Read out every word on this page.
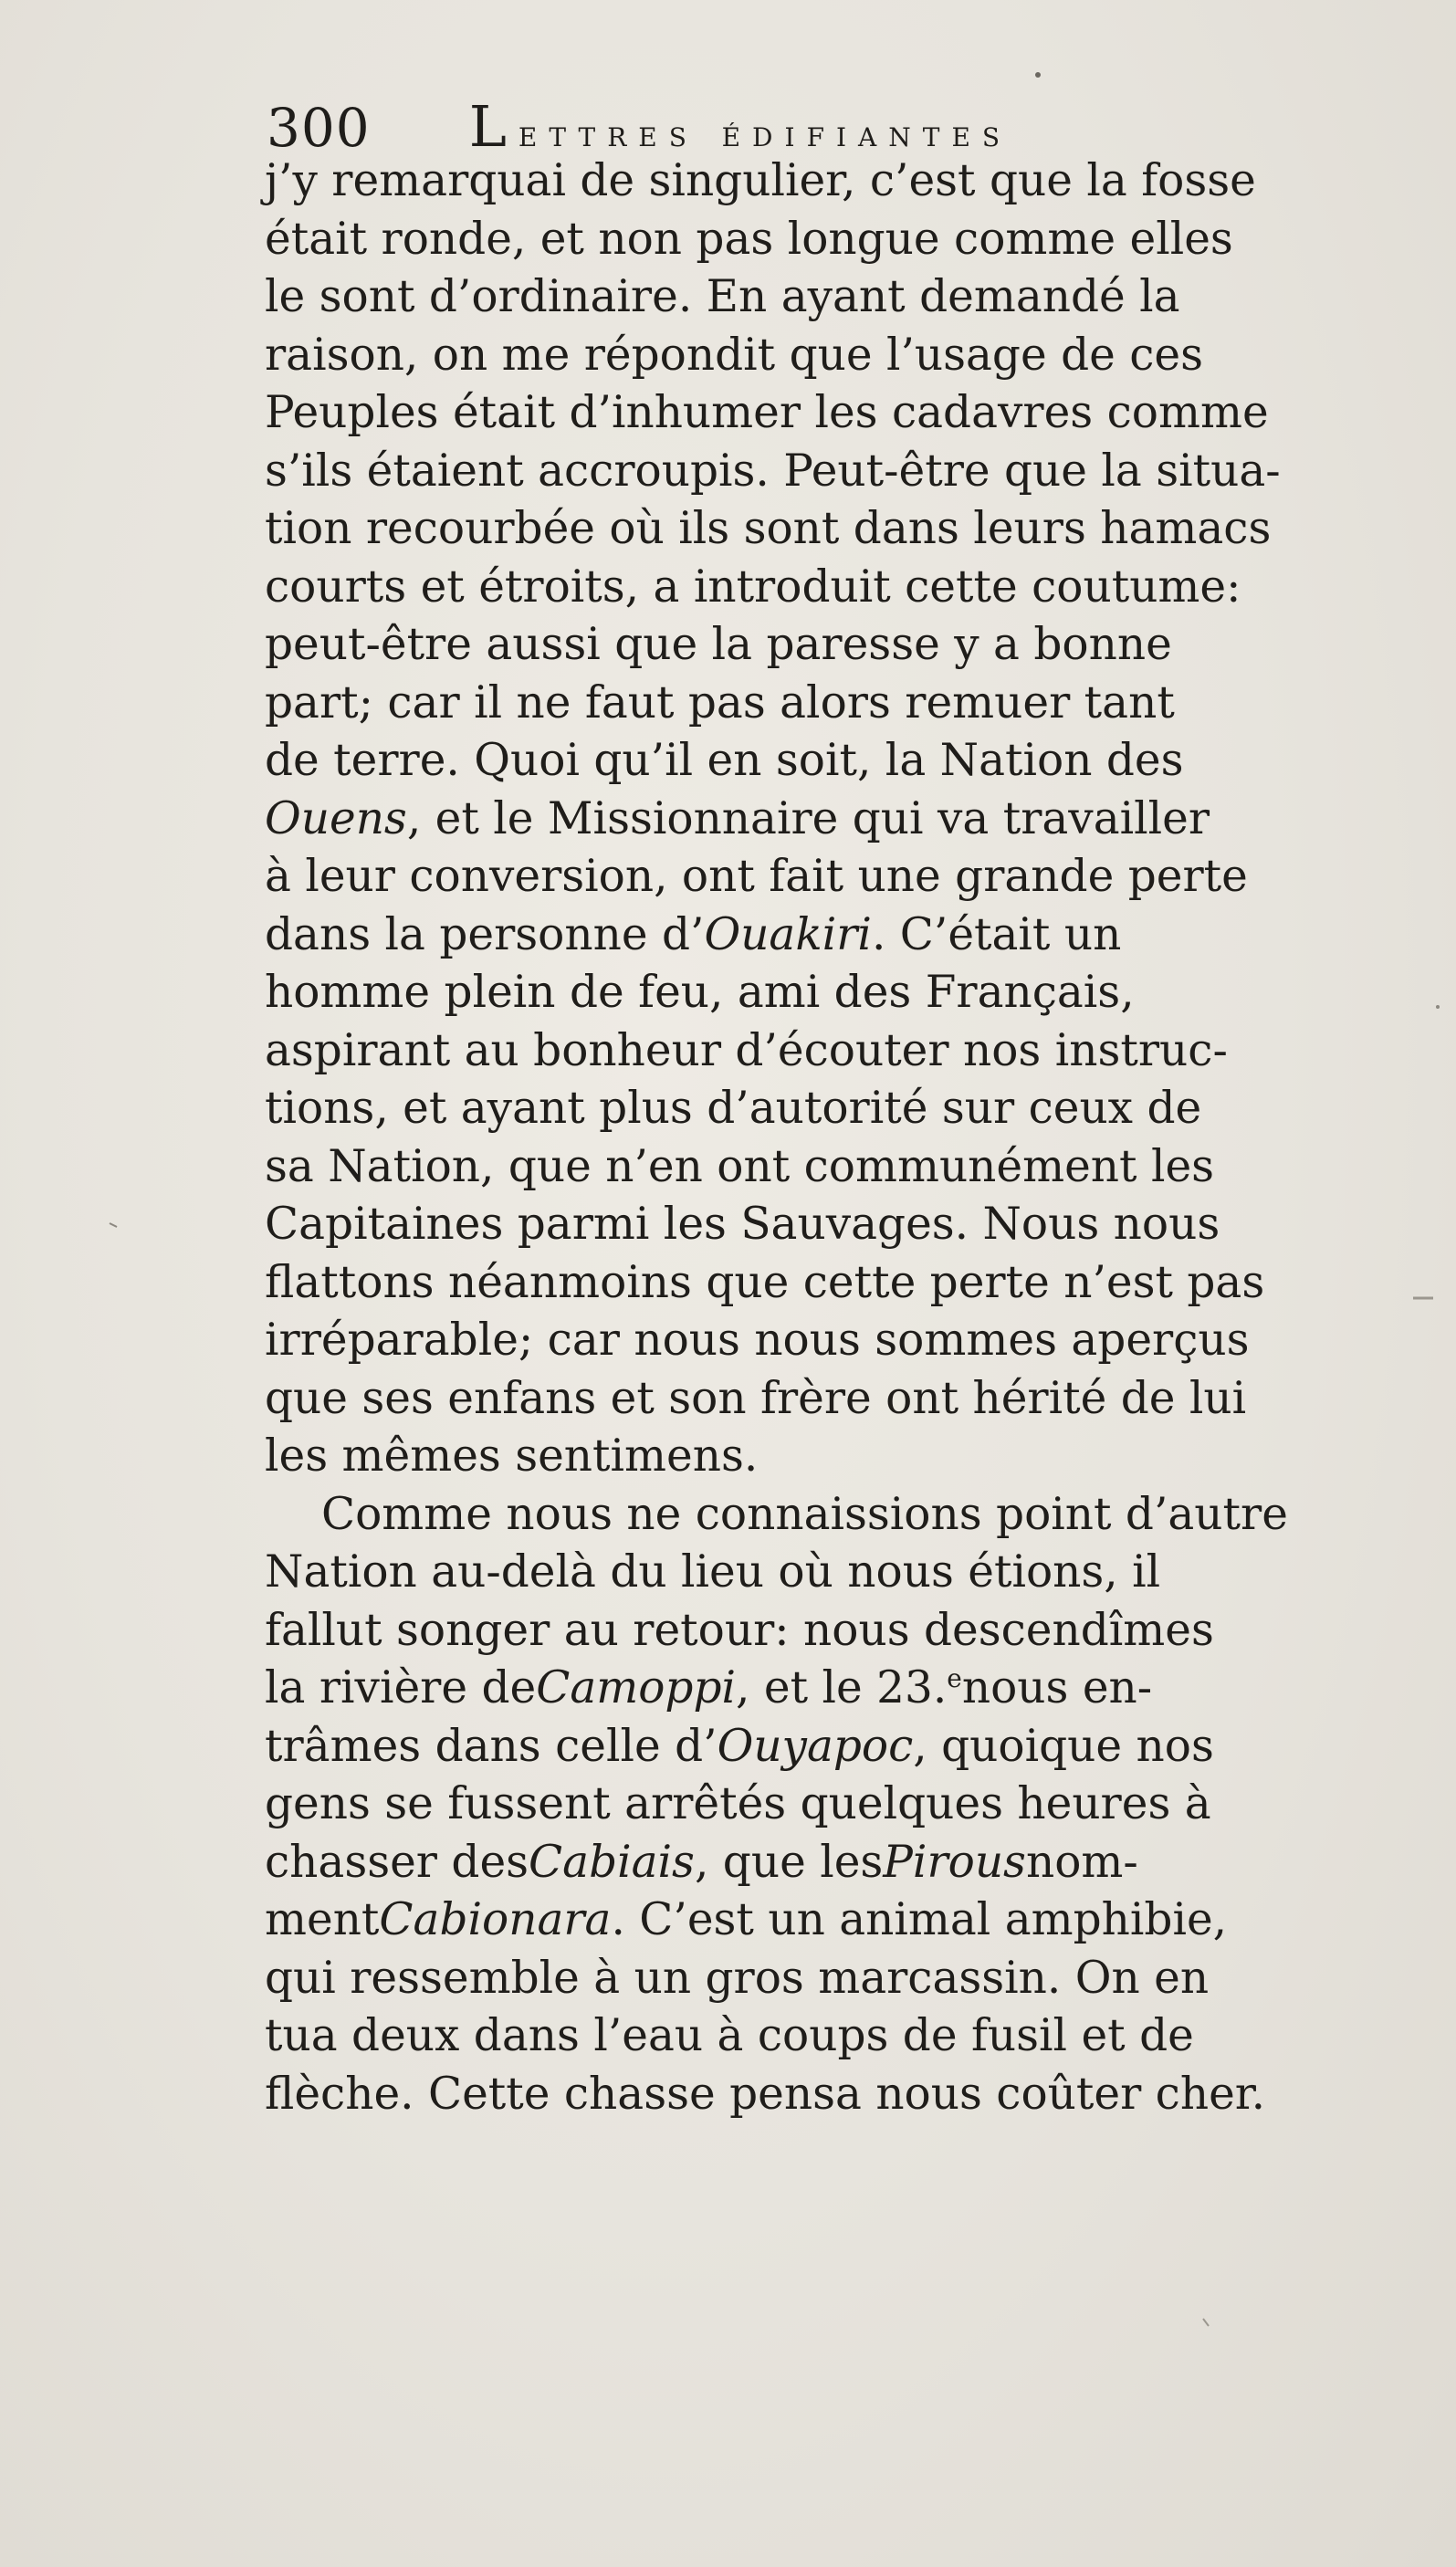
300 Lettres édifiantes
j’y remarquai de singulier, c’est que la fosse
était ronde, et non pas longue comme elles
le sont d’ordinaire. En ayant demandé la
raison, on me répondit que l’usage de ces
Peuples était d’inhumer les cadavres comme
s’ils étaient accroupis. Peut-être que la situa-
tion recourbée où ils sont dans leurs hamacs
courts et étroits, a introduit cette coutume:
peut-être aussi que la paresse y a bonne
part; car il ne faut pas alors remuer tant
de terre. Quoi qu’il en soit, la Nation des
Ouens, et le Missionnaire qui va travailler
à leur conversion, ont fait une grande perte
dans la personne d’Ouakiri. C’était un
homme plein de feu, ami des Français,
aspirant au bonheur d’écouter nos instruc-
tions, et ayant plus d’autorité sur ceux de
sa Nation, que n’en ont communément les
Capitaines parmi les Sauvages. Nous nous
flattons néanmoins que cette perte n’est pas
irréparable; car nous nous sommes aperçus
que ses enfans et son frère ont hérité de lui
les mêmes sentimens.
Comme nous ne connaissions point d’autre
Nation au-delà du lieu où nous étions, il
fallut songer au retour: nous descendîmes
la rivière deCamoppi, et le 23.$^e$nous en-
trâmes dans celle d’Ouyapoc, quoique nos
gens se fussent arrêtés quelques heures à
chasser desCabiais, que lesPirousnom-
mentCabionara. C’est un animal amphibie,
qui ressemble à un gros marcassin. On en
tua deux dans l’eau à coups de fusil et de
flèche. Cette chasse pensa nous coûter cher.
